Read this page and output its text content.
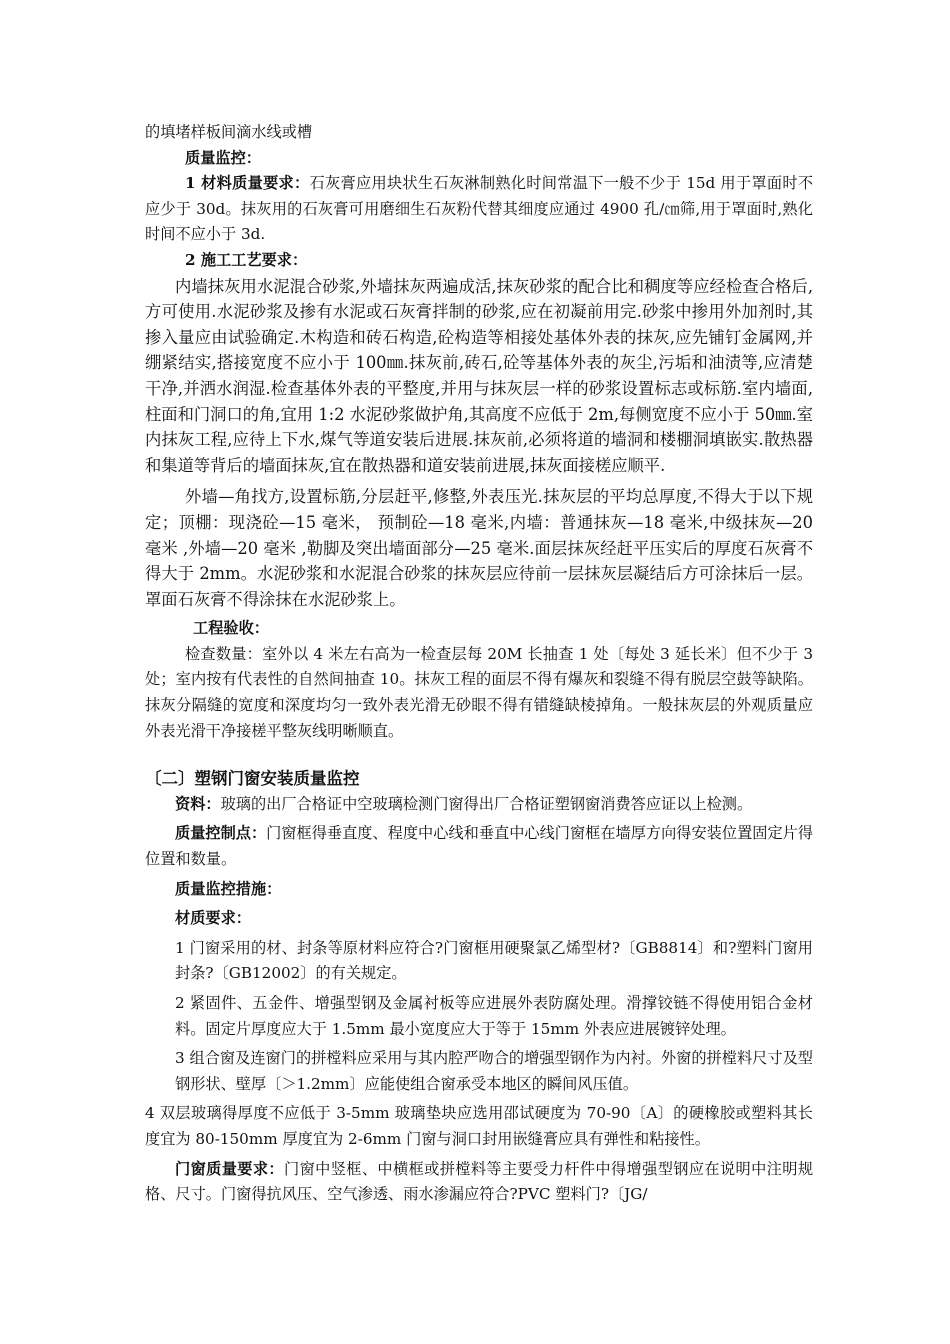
的填堵样板间滴水线或槽

质量监控：

1 材料质量要求：石灰膏应用块状生石灰淋制熟化时间常温下一般不少于 15d 用于罩面时不应少于 30d。抹灰用的石灰膏可用磨细生石灰粉代替其细度应通过 4900 孔/㎝筛,用于罩面时,熟化时间不应小于 3d.

2 施工工艺要求：

内墙抹灰用水泥混合砂浆,外墙抹灰两遍成活,抹灰砂浆的配合比和稠度等应经检查合格后,方可使用.水泥砂浆及掺有水泥或石灰膏拌制的砂浆,应在初凝前用完.砂浆中掺用外加剂时,其掺入量应由试验确定.木构造和砖石构造,砼构造等相接处基体外表的抹灰,应先铺钉金属网,并绷紧结实,搭接宽度不应小于 100㎜.抹灰前,砖石,砼等基体外表的灰尘,污垢和油渍等,应清楚干净,并洒水润湿.检查基体外表的平整度,并用与抹灰层一样的砂浆设置标志或标筋.室内墙面,柱面和门洞口的角,宜用 1:2 水泥砂浆做护角,其高度不应低于 2m,每侧宽度不应小于 50㎜.室内抹灰工程,应待上下水,煤气等道安装后进展.抹灰前,必须将道的墙洞和楼棚洞填嵌实.散热器和集道等背后的墙面抹灰,宜在散热器和道安装前进展,抹灰面接槎应顺平.

外墙—角找方,设置标筋,分层赶平,修整,外表压光.抹灰层的平均总厚度,不得大于以下规定；顶棚：现浇砼—15 毫米， 预制砼—18 毫米,内墙：普通抹灰—18 毫米,中级抹灰—20 毫米 ,外墙—20 毫米 ,勒脚及突出墙面部分—25 毫米.面层抹灰经赶平压实后的厚度石灰膏不得大于 2mm。水泥砂浆和水泥混合砂浆的抹灰层应待前一层抹灰层凝结后方可涂抹后一层。罩面石灰膏不得涂抹在水泥砂浆上。

工程验收：

检查数量：室外以 4 米左右高为一检查层每 20M 长抽查 1 处〔每处 3 延长米〕但不少于 3 处；室内按有代表性的自然间抽查 10。抹灰工程的面层不得有爆灰和裂缝不得有脱层空鼓等缺陷。抹灰分隔缝的宽度和深度均匀一致外表光滑无砂眼不得有错缝缺棱掉角。一般抹灰层的外观质量应外表光滑干净接槎平整灰线明晰顺直。

〔二〕塑钢门窗安装质量监控

资料：玻璃的出厂合格证中空玻璃检测门窗得出厂合格证塑钢窗消费答应证以上检测。

质量控制点：门窗框得垂直度、程度中心线和垂直中心线门窗框在墙厚方向得安装位置固定片得位置和数量。

质量监控措施：

材质要求：

1 门窗采用的材、封条等原材料应符合?门窗框用硬聚氯乙烯型材?〔GB8814〕和?塑料门窗用封条?〔GB12002〕的有关规定。

2 紧固件、五金件、增强型钢及金属衬板等应进展外表防腐处理。滑撑铰链不得使用铝合金材料。固定片厚度应大于 1.5mm 最小宽度应大于等于 15mm 外表应进展镀锌处理。

3 组合窗及连窗门的拼樘料应采用与其内腔严吻合的增强型钢作为内衬。外窗的拼樘料尺寸及型钢形状、壁厚〔＞1.2mm〕应能使组合窗承受本地区的瞬间风压值。

4 双层玻璃得厚度不应低于 3-5mm 玻璃垫块应选用邵试硬度为 70-90〔A〕的硬橡胶或塑料其长度宜为 80-150mm 厚度宜为 2-6mm 门窗与洞口封用嵌缝膏应具有弹性和粘接性。

门窗质量要求：门窗中竖框、中横框或拼樘料等主要受力杆件中得增强型钢应在说明中注明规格、尺寸。门窗得抗风压、空气渗透、雨水渗漏应符合?PVC 塑料门?〔JG/
